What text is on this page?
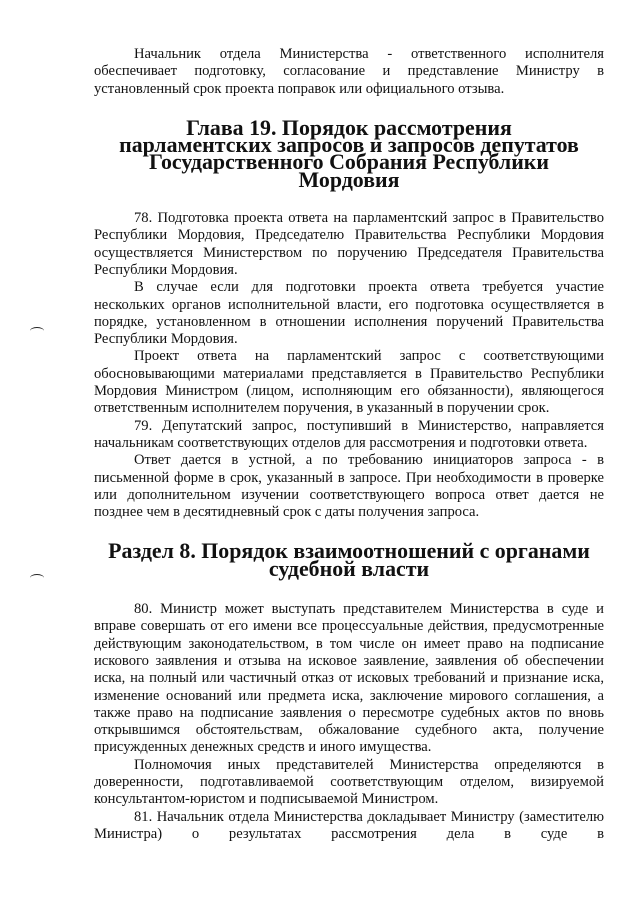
Начальник отдела Министерства - ответственного исполнителя обеспечивает подготовку, согласование и представление Министру в установленный срок проекта поправок или официального отзыва.

Глава 19. Порядок рассмотрения парламентских запросов и запросов депутатов Государственного Собрания Республики Мордовия

78. Подготовка проекта ответа на парламентский запрос в Правительство Республики Мордовия, Председателю Правительства Республики Мордовия осуществляется Министерством по поручению Председателя Правительства Республики Мордовия.

В случае если для подготовки проекта ответа требуется участие нескольких органов исполнительной власти, его подготовка осуществляется в порядке, установленном в отношении исполнения поручений Правительства Республики Мордовия.

Проект ответа на парламентский запрос с соответствующими обосновывающими материалами представляется в Правительство Республики Мордовия Министром (лицом, исполняющим его обязанности), являющегося ответственным исполнителем поручения, в указанный в поручении срок.

79. Депутатский запрос, поступивший в Министерство, направляется начальникам соответствующих отделов для рассмотрения и подготовки ответа.

Ответ дается в устной, а по требованию инициаторов запроса - в письменной форме в срок, указанный в запросе. При необходимости в проверке или дополнительном изучении соответствующего вопроса ответ дается не позднее чем в десятидневный срок с даты получения запроса.

Раздел 8. Порядок взаимоотношений с органами судебной власти

80. Министр может выступать представителем Министерства в суде и вправе совершать от его имени все процессуальные действия, предусмотренные действующим законодательством, в том числе он имеет право на подписание искового заявления и отзыва на исковое заявление, заявления об обеспечении иска, на полный или частичный отказ от исковых требований и признание иска, изменение оснований или предмета иска, заключение мирового соглашения, а также право на подписание заявления о пересмотре судебных актов по вновь открывшимся обстоятельствам, обжалование судебного акта, получение присужденных денежных средств и иного имущества.

Полномочия иных представителей Министерства определяются в доверенности, подготавливаемой соответствующим отделом, визируемой консультантом-юристом и подписываемой Министром.

81. Начальник отдела Министерства докладывает Министру (заместителю Министра) о результатах рассмотрения дела в суде в
